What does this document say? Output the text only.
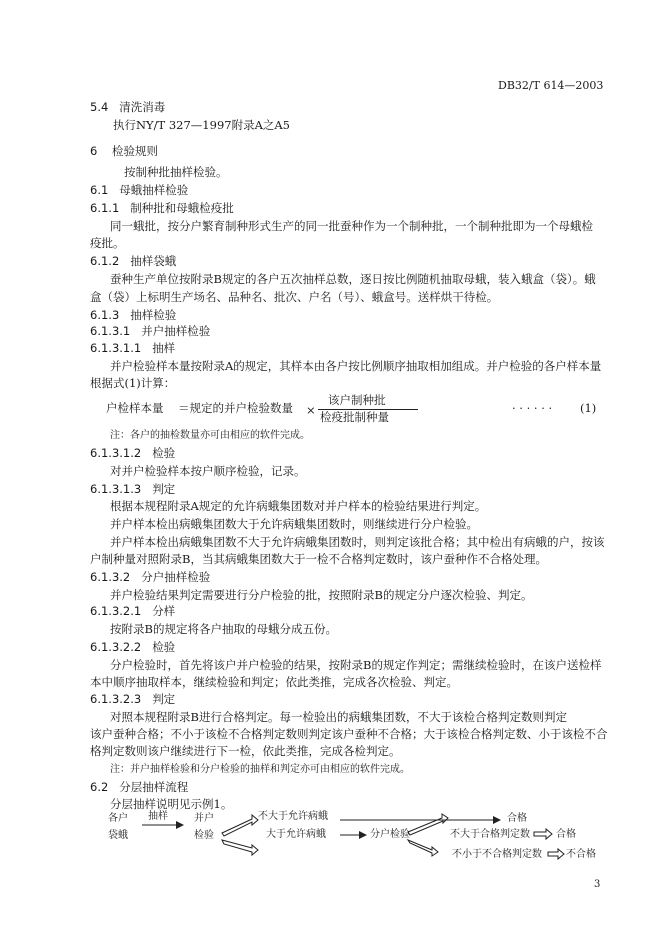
DB32/T 614—2003
5.4 清洗消毒
执行NY/T 327—1997附录A之A5
6 检验规则
按制种批抽样检验。
6.1 母蛾抽样检验
6.1.1 制种批和母蛾检疫批
同一蛾批，按分户繁育制种形式生产的同一批蚕种作为一个制种批，一个制种批即为一个母蛾检
疫批。
6.1.2 抽样袋蛾
蚕种生产单位按附录B规定的各户五次抽样总数，逐日按比例随机抽取母蛾，装入蛾盒（袋）。蛾
盒（袋）上标明生产场名、品种名、批次、户名（号）、蛾盒号。送样烘干待检。
6.1.3 抽样检验
6.1.3.1 并户抽样检验
6.1.3.1.1 抽样
并户检验样本量按附录A的规定，其样本由各户按比例顺序抽取相加组成。并户检验的各户样本量
根据式(1)计算：
户检样本量 ＝规定的并户检验数量 ×
该户制种批
检疫批制种量
· · · · · · (1)
注：各户的抽检数量亦可由相应的软件完成。
6.1.3.1.2 检验
对并户检验样本按户顺序检验，记录。
6.1.3.1.3 判定
根据本规程附录A规定的允许病蛾集团数对并户样本的检验结果进行判定。
并户样本检出病蛾集团数大于允许病蛾集团数时，则继续进行分户检验。
并户样本检出病蛾集团数不大于允许病蛾集团数时，则判定该批合格；其中检出有病蛾的户，按该
户制种量对照附录B，当其病蛾集团数大于一检不合格判定数时，该户蚕种作不合格处理。
6.1.3.2 分户抽样检验
并户检验结果判定需要进行分户检验的批，按照附录B的规定分户逐次检验、判定。
6.1.3.2.1 分样
按附录B的规定将各户抽取的母蛾分成五份。
6.1.3.2.2 检验
分户检验时，首先将该户并户检验的结果，按附录B的规定作判定；需继续检验时，在该户送检样
本中顺序抽取样本，继续检验和判定；依此类推，完成各次检验、判定。
6.1.3.2.3 判定
对照本规程附录B进行合格判定。每一检验出的病蛾集团数，不大于该检合格判定数则判定
该户蚕种合格；不小于该检不合格判定数则判定该户蚕种不合格；大于该检合格判定数、小于该检不合
格判定数则该户继续进行下一检，依此类推，完成各检判定。
注：并户抽样检验和分户检验的抽样和判定亦可由相应的软件完成。
6.2 分层抽样流程
分层抽样说明见示例1。
各户
袋蛾
抽样	并户
检验
不大于允许病蛾	合格
大于允许病蛾	分户检验	不大于合格判定数	合格
不小于不合格判定数 不合格
3
